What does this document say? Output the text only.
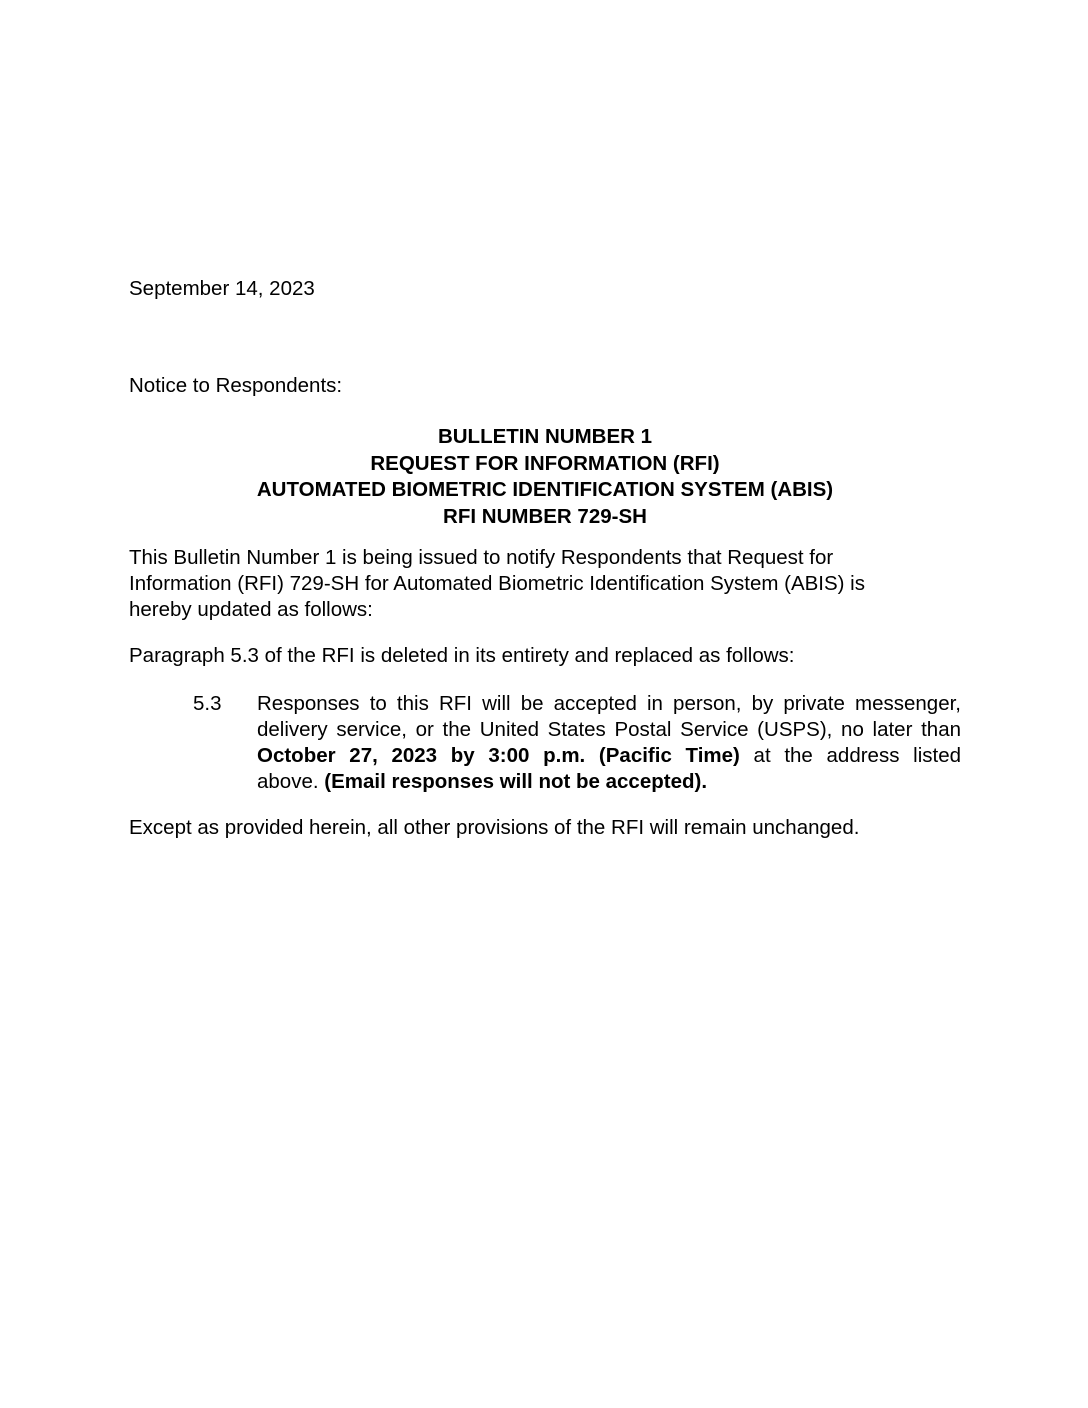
September 14, 2023

Notice to Respondents:

BULLETIN NUMBER 1
REQUEST FOR INFORMATION (RFI)
AUTOMATED BIOMETRIC IDENTIFICATION SYSTEM (ABIS)
RFI NUMBER 729-SH
This Bulletin Number 1 is being issued to notify Respondents that Request for
Information (RFI) 729-SH for Automated Biometric Identification System (ABIS) is
hereby updated as follows:

Paragraph 5.3 of the RFI is deleted in its entirety and replaced as follows:

5.3	Responses to this RFI will be accepted in person, by private messenger,
delivery service, or the United States Postal Service (USPS), no later than
October 27, 2023 by 3:00 p.m. (Pacific Time) at the address listed
above. (Email responses will not be accepted).

Except as provided herein, all other provisions of the RFI will remain unchanged.
